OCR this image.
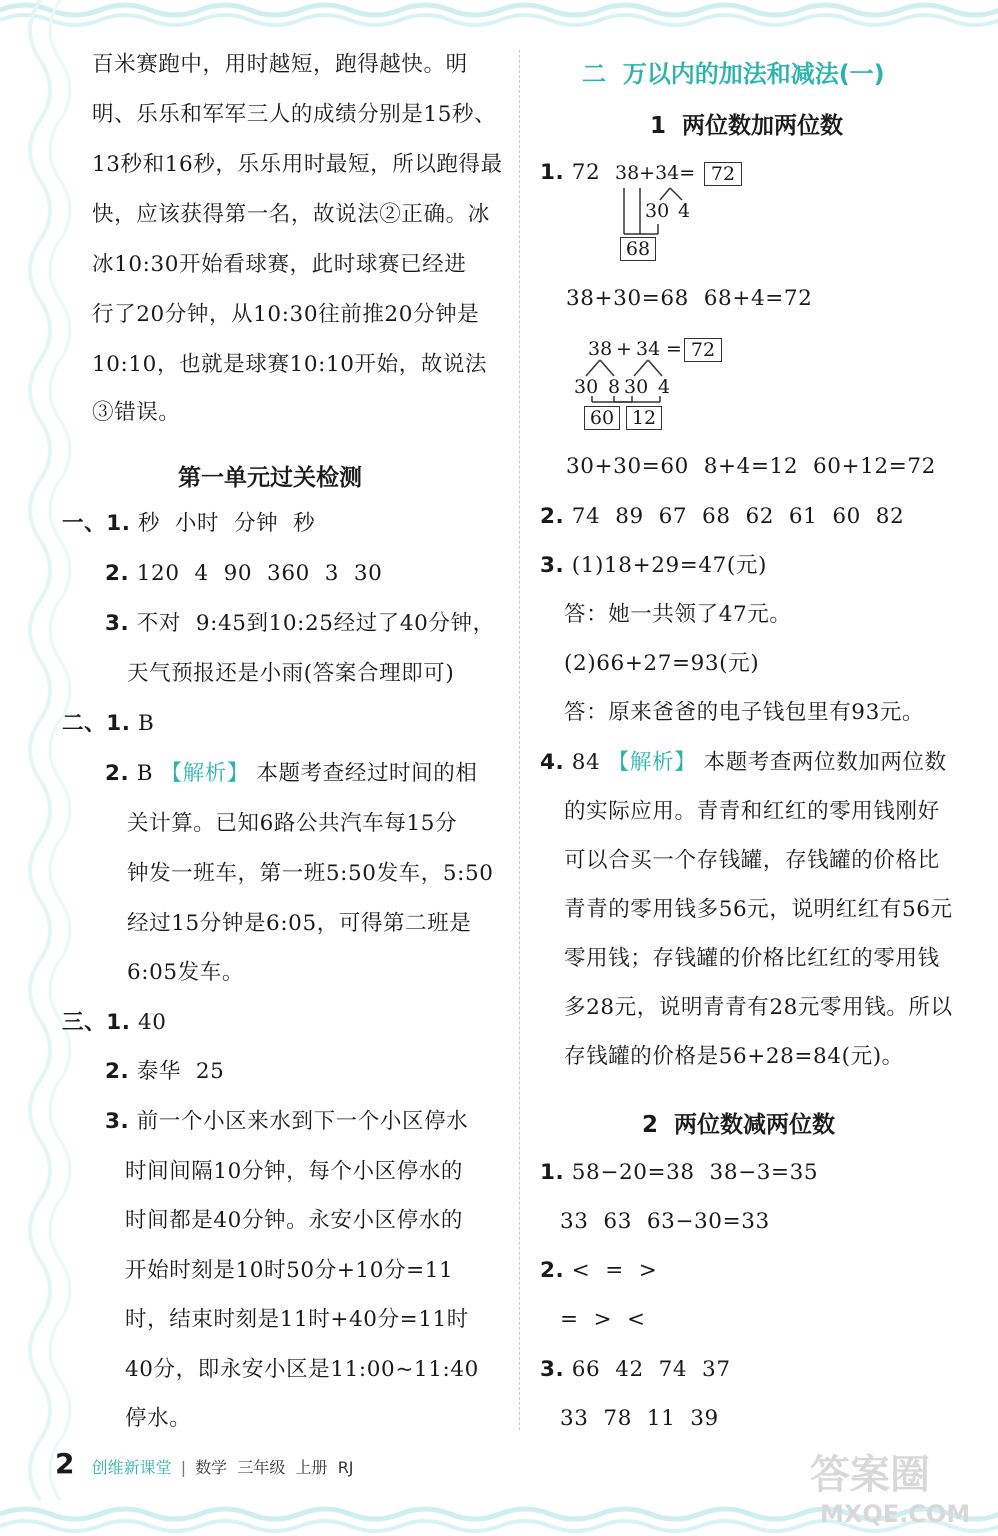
百米赛跑中，用时越短，跑得越快。明
明、乐乐和军军三人的成绩分别是15秒、
13秒和16秒，乐乐用时最短，所以跑得最
快，应该获得第一名，故说法②正确。冰
冰10:30开始看球赛，此时球赛已经进
行了20分钟，从10:30往前推20分钟是
10:10，也就是球赛10:10开始，故说法
③错误。
第一单元过关检测
一、1. 秒  小时  分钟  秒
2. 120  4  90  360  3  30
3. 不对  9:45到10:25经过了40分钟，
天气预报还是小雨(答案合理即可)
二、1. B
2. B 【解析】 本题考查经过时间的相
关计算。已知6路公共汽车每15分
钟发一班车，第一班5:50发车，5:50
经过15分钟是6:05，可得第二班是
6:05发车。
三、1. 40
2. 泰华  25
3. 前一个小区来水到下一个小区停水
时间间隔10分钟，每个小区停水的
时间都是40分钟。永安小区停水的
开始时刻是10时50分+10分=11
时，结束时刻是11时+40分=11时
40分，即永安小区是11:00~11:40
停水。
二  万以内的加法和减法(一)
1  两位数加两位数
1. 72 38+34= 72
30 4
68
38+30=68  68+4=72
38 + 34 = 72
30 8 30 4
60 12
30+30=60  8+4=12  60+12=72
2. 74  89  67  68  62  61  60  82
3. (1)18+29=47(元)
答：她一共领了47元。
(2)66+27=93(元)
答：原来爸爸的电子钱包里有93元。
4. 84 【解析】 本题考查两位数加两位数
的实际应用。青青和红红的零用钱刚好
可以合买一个存钱罐，存钱罐的价格比
青青的零用钱多56元，说明红红有56元
零用钱；存钱罐的价格比红红的零用钱
多28元，说明青青有28元零用钱。所以
存钱罐的价格是56+28=84(元)。
2  两位数减两位数
1. 58−20=38  38−3=35
33  63  63−30=33
2. <  =  >
=  >  <
3. 66  42  74  37
33  78  11  39
2 创维新课堂 | 数学  三年级  上册  RJ	答案圈
MXQE.COM
